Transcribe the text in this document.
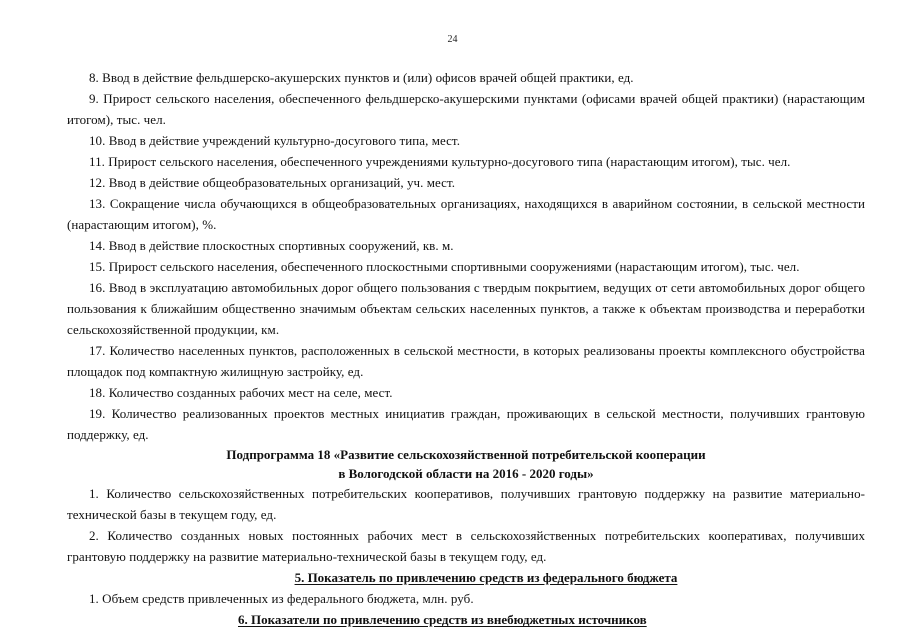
24

8. Ввод в действие фельдшерско-акушерских пунктов и (или) офисов врачей общей практики, ед.

9. Прирост сельского населения, обеспеченного фельдшерско-акушерскими пунктами (офисами врачей общей практики) (нарастающим итогом), тыс. чел.

10. Ввод в действие учреждений культурно-досугового типа, мест.

11. Прирост сельского населения, обеспеченного учреждениями культурно-досугового типа (нарастающим итогом), тыс. чел.

12. Ввод в действие общеобразовательных организаций, уч. мест.

13. Сокращение числа обучающихся в общеобразовательных организациях, находящихся в аварийном состоянии, в сельской местности (нарастающим итогом), %.

14. Ввод в действие плоскостных спортивных сооружений, кв. м.

15. Прирост сельского населения, обеспеченного плоскостными спортивными сооружениями (нарастающим итогом), тыс. чел.

16. Ввод в эксплуатацию автомобильных дорог общего пользования с твердым покрытием, ведущих от сети автомобильных дорог общего пользования к ближайшим общественно значимым объектам сельских населенных пунктов, а также к объектам производства и переработки сельскохозяйственной продукции, км.

17. Количество населенных пунктов, расположенных в сельской местности, в которых реализованы проекты комплексного обустройства площадок под компактную жилищную застройку, ед.

18. Количество созданных рабочих мест на селе, мест.

19. Количество реализованных проектов местных инициатив граждан, проживающих в сельской местности, получивших грантовую поддержку, ед.

Подпрограмма 18 «Развитие сельскохозяйственной потребительской кооперации

в Вологодской области на 2016 - 2020 годы»

1. Количество сельскохозяйственных потребительских кооперативов, получивших грантовую поддержку на развитие материально-технической базы в текущем году, ед.

2. Количество созданных новых постоянных рабочих мест в сельскохозяйственных потребительских кооперативах, получивших грантовую поддержку на развитие материально-технической базы в текущем году, ед.

5. Показатель по привлечению средств из федерального бюджета

1. Объем средств привлеченных из федерального бюджета, млн. руб.

6. Показатели по привлечению средств из внебюджетных источников
